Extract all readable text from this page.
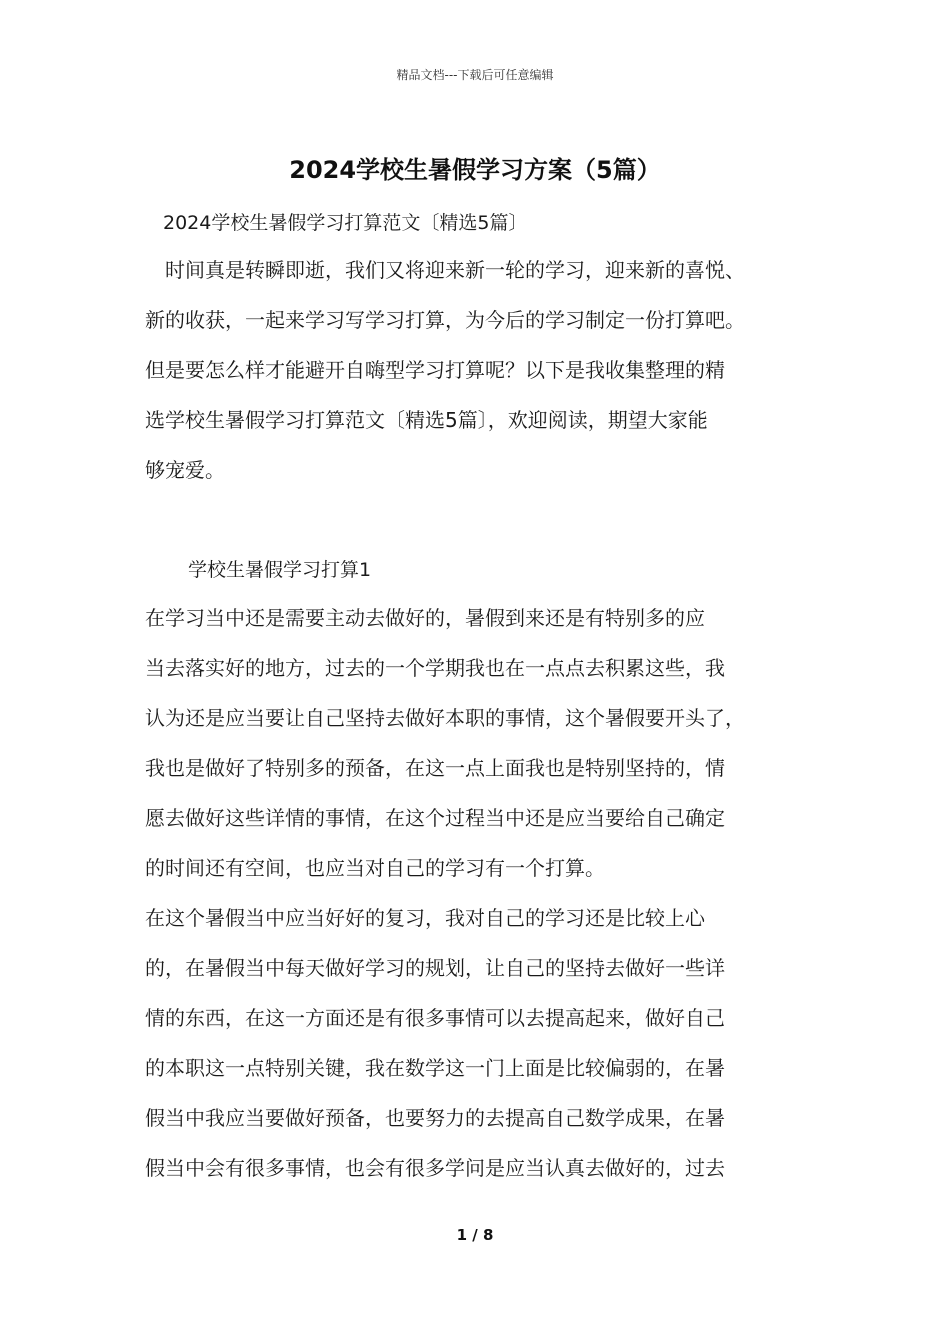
精品文档---下载后可任意编辑
2024学校生暑假学习方案（5篇）
2024学校生暑假学习打算范文〔精选5篇〕
　时间真是转瞬即逝，我们又将迎来新一轮的学习，迎来新的喜悦、
新的收获，一起来学习写学习打算，为今后的学习制定一份打算吧。
但是要怎么样才能避开自嗨型学习打算呢？以下是我收集整理的精
选学校生暑假学习打算范文〔精选5篇〕，欢迎阅读，期望大家能
够宠爱。
学校生暑假学习打算1
在学习当中还是需要主动去做好的，暑假到来还是有特别多的应
当去落实好的地方，过去的一个学期我也在一点点去积累这些，我
认为还是应当要让自己坚持去做好本职的事情，这个暑假要开头了，
我也是做好了特别多的预备，在这一点上面我也是特别坚持的，情
愿去做好这些详情的事情，在这个过程当中还是应当要给自己确定
的时间还有空间，也应当对自己的学习有一个打算。
在这个暑假当中应当好好的复习，我对自己的学习还是比较上心
的，在暑假当中每天做好学习的规划，让自己的坚持去做好一些详
情的东西，在这一方面还是有很多事情可以去提高起来，做好自己
的本职这一点特别关键，我在数学这一门上面是比较偏弱的，在暑
假当中我应当要做好预备，也要努力的去提高自己数学成果，在暑
假当中会有很多事情，也会有很多学问是应当认真去做好的，过去
1 / 8
